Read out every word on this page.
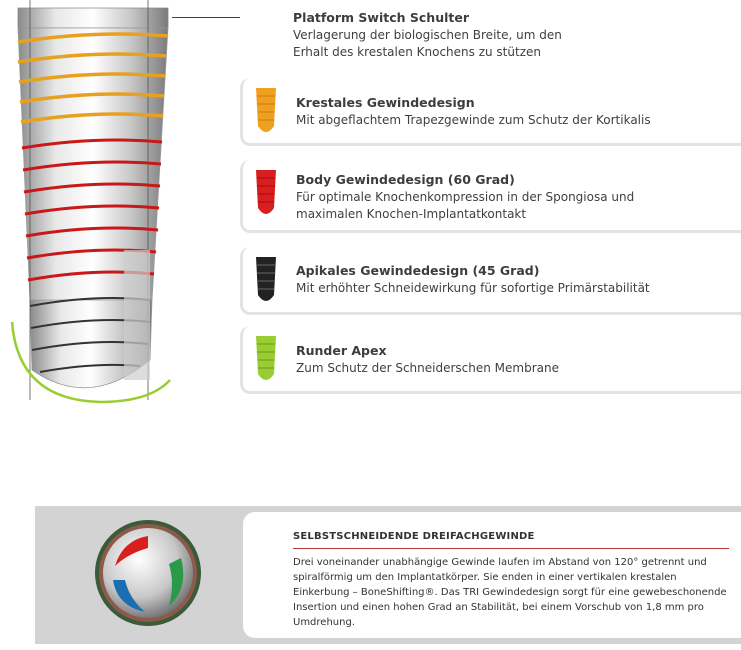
Platform Switch Schulter
Verlagerung der biologischen Breite, um den
Erhalt des krestalen Knochens zu stützen
Krestales Gewindedesign
Mit abgeflachtem Trapezgewinde zum Schutz der Kortikalis
Body Gewindedesign (60 Grad)
Für optimale Knochenkompression in der Spongiosa und
maximalen Knochen-Implantatkontakt
Apikales Gewindedesign (45 Grad)
Mit erhöhter Schneidewirkung für sofortige Primärstabilität
Runder Apex
Zum Schutz der Schneiderschen Membrane
SELBSTSCHNEIDENDE DREIFACHGEWINDE
Drei voneinander unabhängige Gewinde laufen im Abstand von 120° getrennt und spiralförmig um den Implantatkörper. Sie enden in einer vertikalen krestalen Einkerbung – BoneShifting®. Das TRI Gewindedesign sorgt für eine gewebeschonende Insertion und einen hohen Grad an Stabilität, bei einem Vorschub von 1,8 mm pro Umdrehung.
